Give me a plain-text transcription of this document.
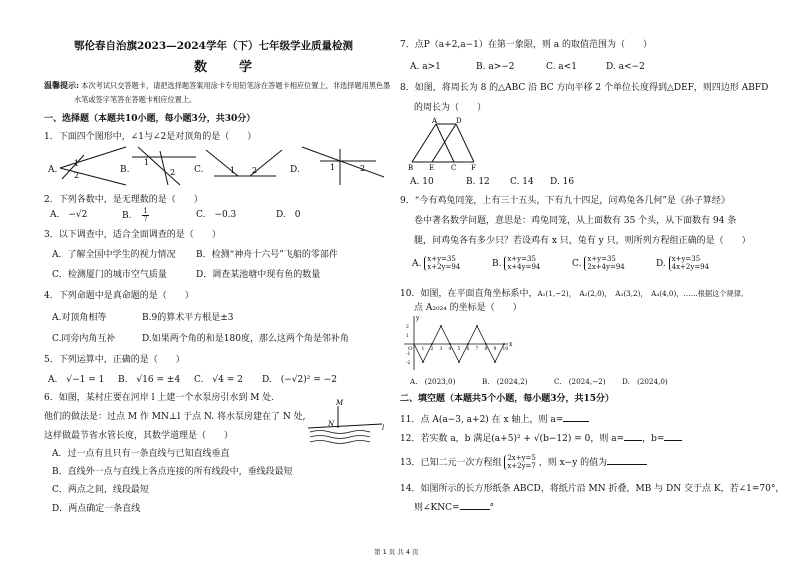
鄂伦春自治旗2023—2024学年（下）七年级学业质量检测
数　　学
温馨提示: 本次考试只交答题卡，请把选择题答案用涂卡专用铅笔涂在答题卡相应位置上，非选择题用黑色墨
水笔或签字笔答在答题卡相应位置上。
一、选择题（本题共10小题，每小题3分，共30分）
1．下面四个图形中，∠1与∠2是对顶角的是（　　）
A.
1
2
B.
1
2 C.	1 2	D.	1	2
2．下列各数中，是无理数的是（　　）
A.　−√2	B. $\frac{1}{7}$	C.　−0.3	D.　0
3．以下调查中，适合全面调查的是（　　）
A．了解全国中学生的视力情况 B．检测“神舟十六号”飞船的零部件
C．检测厦门的城市空气质量	D．调查某池塘中现有鱼的数量
4．下列命题中是真命题的是（　　）
A.对顶角相等	B.9的算术平方根是±3
C.同旁内角互补	D.如果两个角的和是180度，那么这两个角是邻补角
5．下列运算中，正确的是（　　）
A.　√−1 = 1 B.　√16 = ±4 C.　√4 = 2 D.　(−√2)² = −2
6．如图，某村庄要在河岸 l 上建一个水泵房引水到 M 处.
他们的做法是：过点 M 作 MN⊥l 于点 N. 将水泵房建在了 N 处,
这样做最节省水管长度，其数学道理是（　　）
M
N	l
A．过一点有且只有一条直线与已知直线垂直
B．直线外一点与直线上各点连接的所有线段中，垂线段最短
C．两点之间，线段最短
D．两点确定一条直线
7．点P（a+2,a−1）在第一象限，则 a 的取值范围为（　　）
A. a>1	B. a>−2	C. a<1	D. a<−2
8．如图，将周长为 8 的△ABC 沿 BC 方向平移 2 个单位长度得到△DEF，则四边形 ABFD
的周长为（　　）
A	D
B E C F
A. 10	B. 12 C. 14 D. 16
9．“今有鸡兔同笼，上有三十五头，下有九十四足，问鸡兔各几何”是《孙子算经》
卷中著名数学问题，意思是：鸡兔同笼，从上面数有 35 个头，从下面数有 94 条
腿，问鸡兔各有多少只？若设鸡有 x 只，兔有 y 只，则所列方程组正确的是（　　）
A.
x+y=35
x+2y=94	B.
x+y=35
x+4y=94	C.
x+y=35
2x+4y=94	D.
x+y=35
4x+2y=94
10．如图，在平面直角坐标系中，A₁(1,−2)，　A₂(2,0)，　A₃(3,2)，　A₄(4,0)，……根据这个规律,
点 A₂₀₂₄ 的坐标是（　　）
x
y
O 1 2 3 4 5 6 7 8 9 10
2
1
-1
-2
A.　(2023,0)	B.　(2024,2)	C.　(2024,−2) D.　(2024,0)
二、填空题（本题共5个小题，每小题3分，共15分）
11．点 A(a−3, a+2) 在 x 轴上，则 a=
12．若实数 a，b 满足(a+5)² + √(b−12) = 0，则 a= ，b=
13．已知二元一次方程组
2x+y=5
x+2y=7 ，则 x−y 的值为
14．如图所示的长方形纸条 ABCD，将纸片沿 MN 折叠，MB 与 DN 交于点 K，若∠1=70°，
则∠KNC=	°
第 1 页 共 4 页
